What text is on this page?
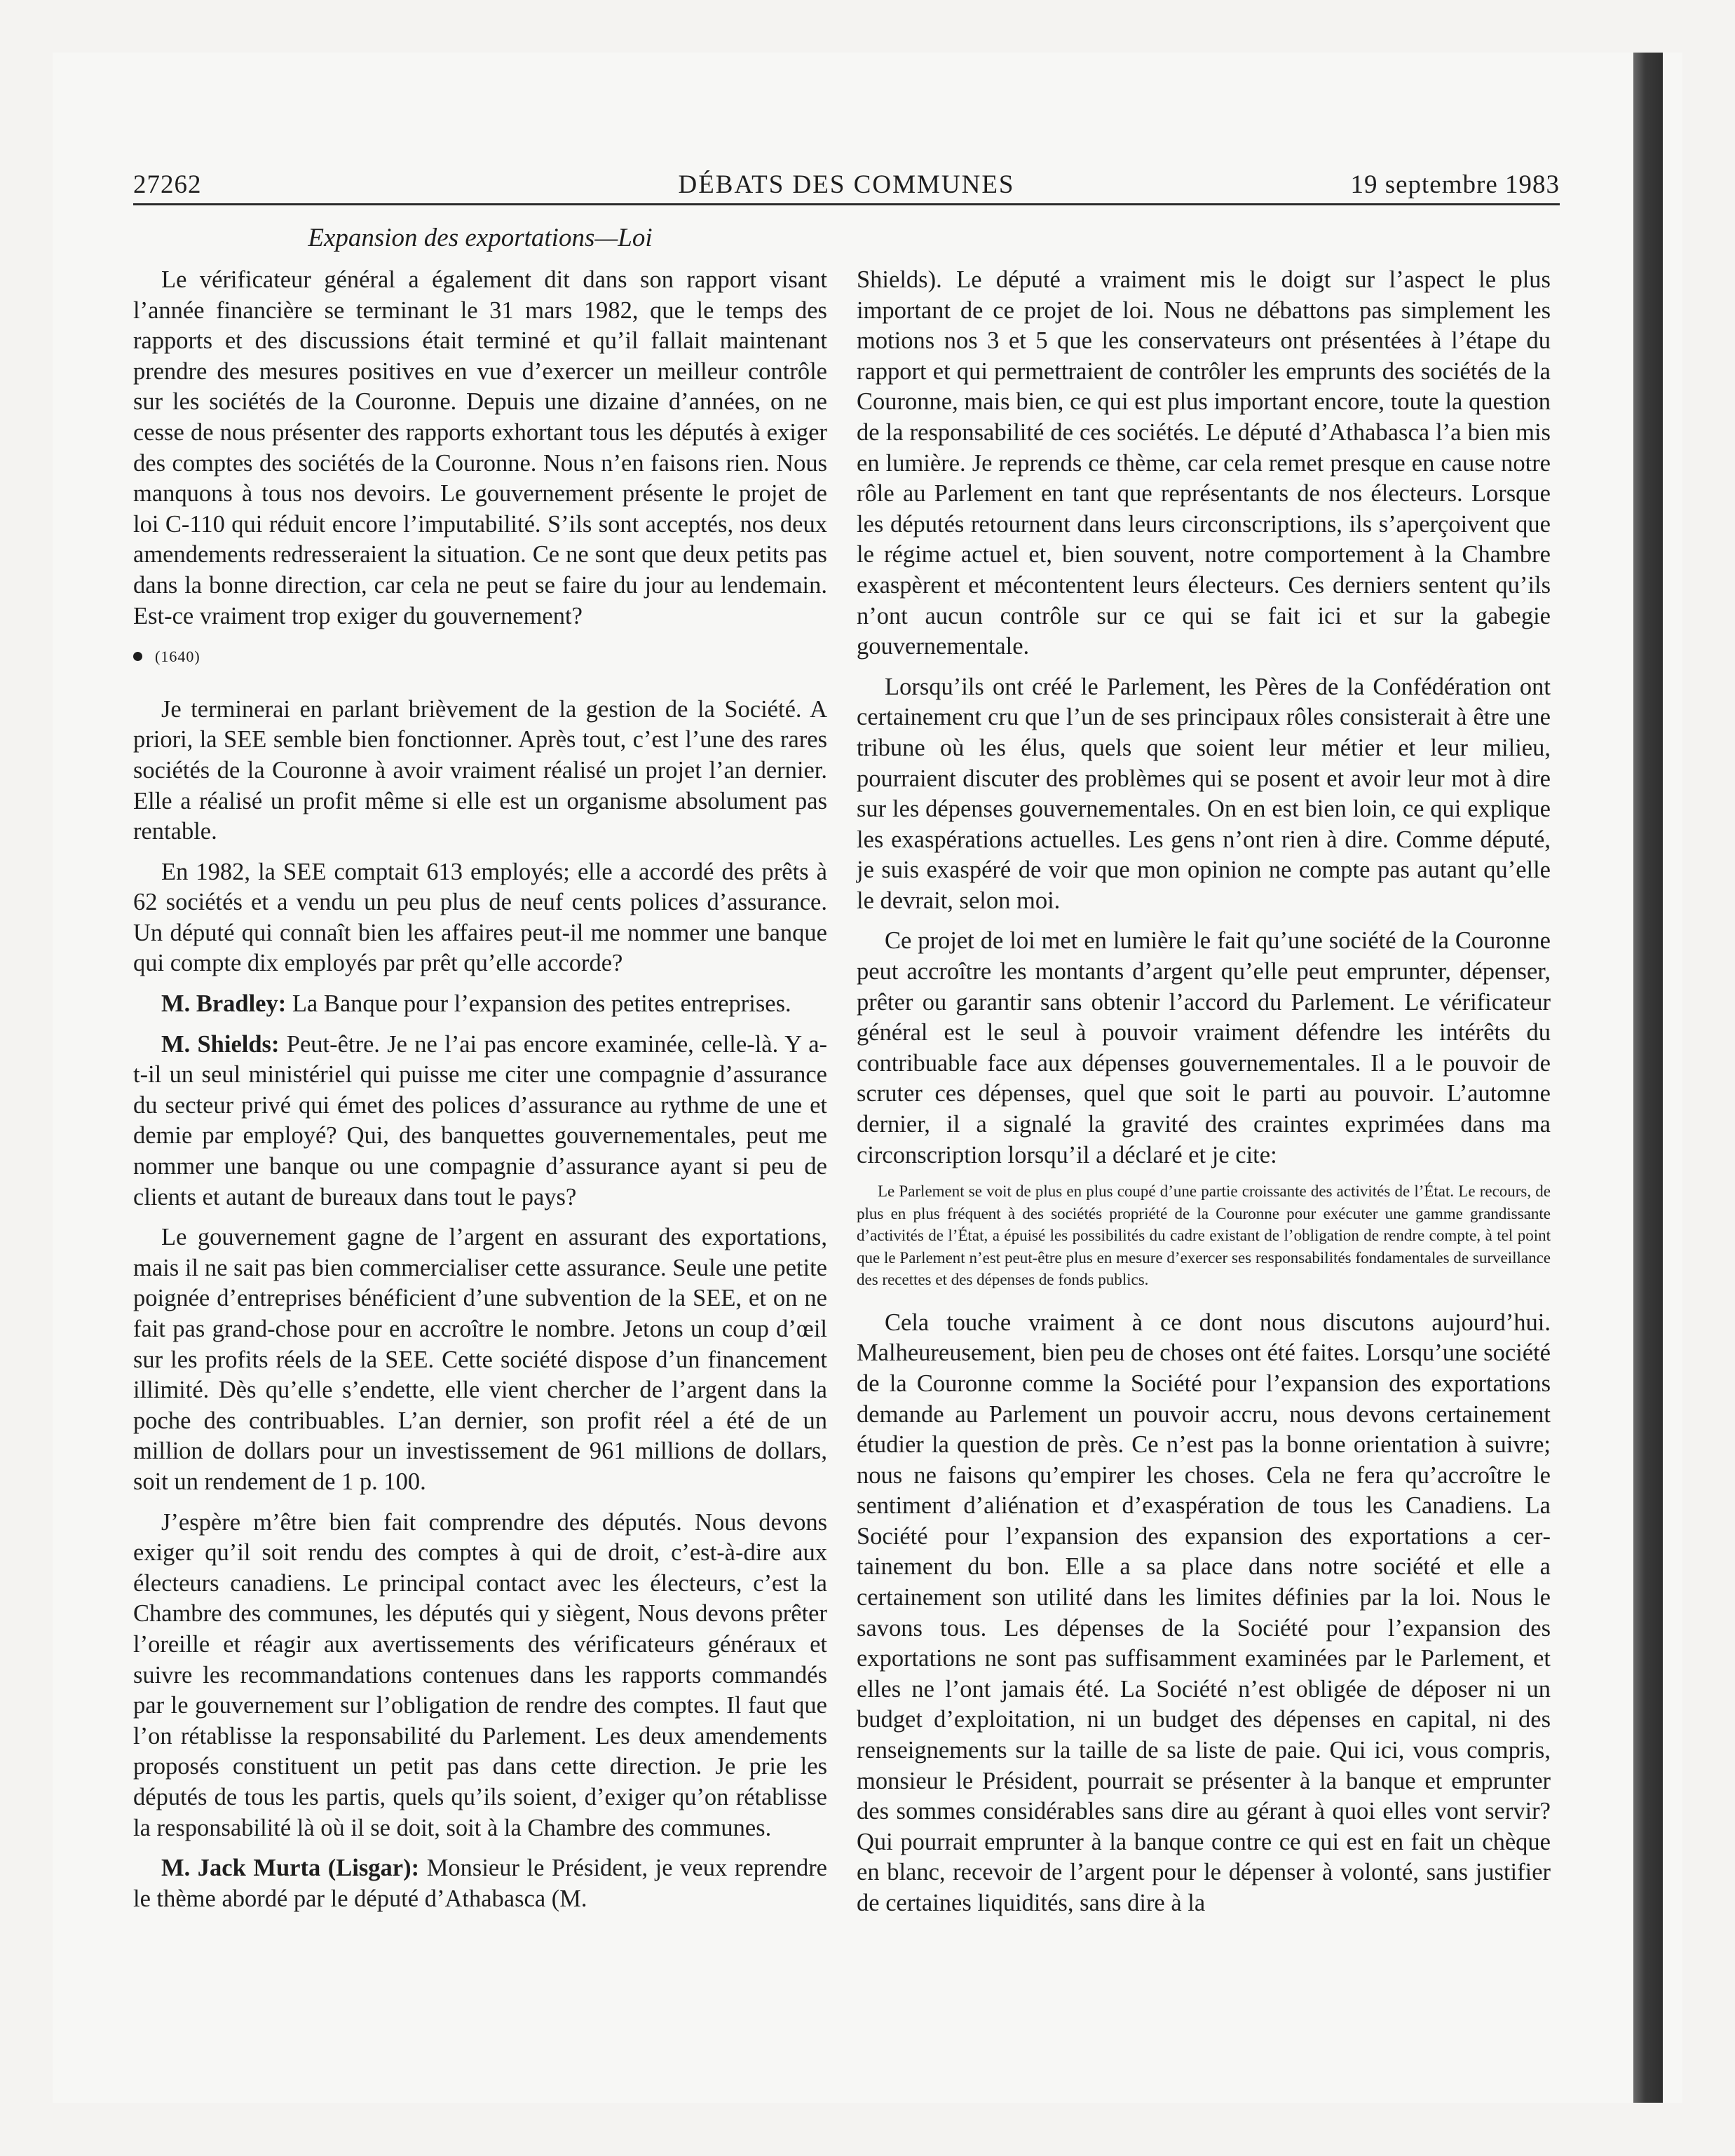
27262	DÉBATS DES COMMUNES	19 septembre 1983
Expansion des exportations—Loi

Le vérificateur général a également dit dans son rapport visant l’année financière se terminant le 31 mars 1982, que le temps des rapports et des discussions était terminé et qu’il fallait maintenant prendre des mesures positives en vue d’exercer un meilleur contrôle sur les sociétés de la Couronne. Depuis une dizaine d’années, on ne cesse de nous présenter des rapports exhortant tous les députés à exiger des comptes des sociétés de la Couronne. Nous n’en faisons rien. Nous manquons à tous nos devoirs. Le gouvernement présente le projet de loi C-110 qui réduit encore l’imputabilité. S’ils sont acceptés, nos deux amendements redresseraient la situation. Ce ne sont que deux petits pas dans la bonne direction, car cela ne peut se faire du jour au lendemain. Est-ce vraiment trop exiger du gouvernement?

(1640)

Je terminerai en parlant brièvement de la gestion de la Société. A priori, la SEE semble bien fonctionner. Après tout, c’est l’une des rares sociétés de la Couronne à avoir vraiment réalisé un projet l’an dernier. Elle a réalisé un profit même si elle est un organisme absolument pas rentable.

En 1982, la SEE comptait 613 employés; elle a accordé des prêts à 62 sociétés et a vendu un peu plus de neuf cents polices d’assurance. Un député qui connaît bien les affaires peut-il me nommer une banque qui compte dix employés par prêt qu’elle accorde?

M. Bradley: La Banque pour l’expansion des petites entreprises.

M. Shields: Peut-être. Je ne l’ai pas encore examinée, celle-là. Y a-t-il un seul ministériel qui puisse me citer une compagnie d’assurance du secteur privé qui émet des polices d’assurance au rythme de une et demie par employé? Qui, des banquettes gouvernementales, peut me nommer une banque ou une compagnie d’assurance ayant si peu de clients et autant de bureaux dans tout le pays?

Le gouvernement gagne de l’argent en assurant des exportations, mais il ne sait pas bien commercialiser cette assurance. Seule une petite poignée d’entreprises bénéficient d’une subvention de la SEE, et on ne fait pas grand-chose pour en accroître le nombre. Jetons un coup d’œil sur les profits réels de la SEE. Cette société dispose d’un financement illimité. Dès qu’elle s’endette, elle vient chercher de l’argent dans la poche des contribuables. L’an dernier, son profit réel a été de un million de dollars pour un investissement de 961 millions de dollars, soit un rendement de 1 p. 100.

J’espère m’être bien fait comprendre des députés. Nous devons exiger qu’il soit rendu des comptes à qui de droit, c’est-à-dire aux électeurs canadiens. Le principal contact avec les électeurs, c’est la Chambre des communes, les députés qui y siègent, Nous devons prêter l’oreille et réagir aux avertissements des vérificateurs généraux et suivre les recommandations contenues dans les rapports commandés par le gouvernement sur l’obligation de rendre des comptes. Il faut que l’on rétablisse la responsabilité du Parlement. Les deux amendements proposés constituent un petit pas dans cette direction. Je prie les députés de tous les partis, quels qu’ils soient, d’exiger qu’on rétablisse la responsabilité là où il se doit, soit à la Chambre des communes.

M. Jack Murta (Lisgar): Monsieur le Président, je veux reprendre le thème abordé par le député d’Athabasca (M.

Shields). Le député a vraiment mis le doigt sur l’aspect le plus important de ce projet de loi. Nous ne débattons pas simplement les motions nos 3 et 5 que les conservateurs ont présentées à l’étape du rapport et qui permettraient de contrôler les emprunts des sociétés de la Couronne, mais bien, ce qui est plus important encore, toute la question de la responsabilité de ces sociétés. Le député d’Athabasca l’a bien mis en lumière. Je reprends ce thème, car cela remet presque en cause notre rôle au Parlement en tant que représentants de nos électeurs. Lorsque les députés retournent dans leurs circonscriptions, ils s’aperçoivent que le régime actuel et, bien souvent, notre comportement à la Chambre exaspèrent et mécontentent leurs électeurs. Ces derniers sentent qu’ils n’ont aucun contrôle sur ce qui se fait ici et sur la gabegie gouvernementale.

Lorsqu’ils ont créé le Parlement, les Pères de la Confédération ont certainement cru que l’un de ses principaux rôles consisterait à être une tribune où les élus, quels que soient leur métier et leur milieu, pourraient discuter des problèmes qui se posent et avoir leur mot à dire sur les dépenses gouvernementales. On en est bien loin, ce qui explique les exaspérations actuelles. Les gens n’ont rien à dire. Comme député, je suis exaspéré de voir que mon opinion ne compte pas autant qu’elle le devrait, selon moi.

Ce projet de loi met en lumière le fait qu’une société de la Couronne peut accroître les montants d’argent qu’elle peut emprunter, dépenser, prêter ou garantir sans obtenir l’accord du Parlement. Le vérificateur général est le seul à pouvoir vraiment défendre les intérêts du contribuable face aux dépenses gouvernementales. Il a le pouvoir de scruter ces dépenses, quel que soit le parti au pouvoir. L’automne dernier, il a signalé la gravité des craintes exprimées dans ma circonscription lorsqu’il a déclaré et je cite:

Le Parlement se voit de plus en plus coupé d’une partie croissante des activités de l’État. Le recours, de plus en plus fréquent à des sociétés propriété de la Couronne pour exécuter une gamme grandissante d’activités de l’État, a épuisé les possibilités du cadre existant de l’obligation de rendre compte, à tel point que le Parlement n’est peut-être plus en mesure d’exercer ses responsabilités fondamentales de surveillance des recettes et des dépenses de fonds publics.

Cela touche vraiment à ce dont nous discutons aujourd’hui. Malheureusement, bien peu de choses ont été faites. Lorsqu’une société de la Couronne comme la Société pour l’expansion des exportations demande au Parlement un pouvoir accru, nous devons certainement étudier la question de près. Ce n’est pas la bonne orientation à suivre; nous ne faisons qu’empirer les choses. Cela ne fera qu’accroître le sentiment d’aliénation et d’exaspération de tous les Canadiens. La Société pour l’expansion des expansion des exportations a certainement du bon. Elle a sa place dans notre société et elle a certainement son utilité dans les limites définies par la loi. Nous le savons tous. Les dépenses de la Société pour l’expansion des exportations ne sont pas suffisamment examinées par le Parlement, et elles ne l’ont jamais été. La Société n’est obligée de déposer ni un budget d’exploitation, ni un budget des dépenses en capital, ni des renseignements sur la taille de sa liste de paie. Qui ici, vous compris, monsieur le Président, pourrait se présenter à la banque et emprunter des sommes considérables sans dire au gérant à quoi elles vont servir? Qui pourrait emprunter à la banque contre ce qui est en fait un chèque en blanc, recevoir de l’argent pour le dépenser à volonté, sans justifier de certaines liquidités, sans dire à la
